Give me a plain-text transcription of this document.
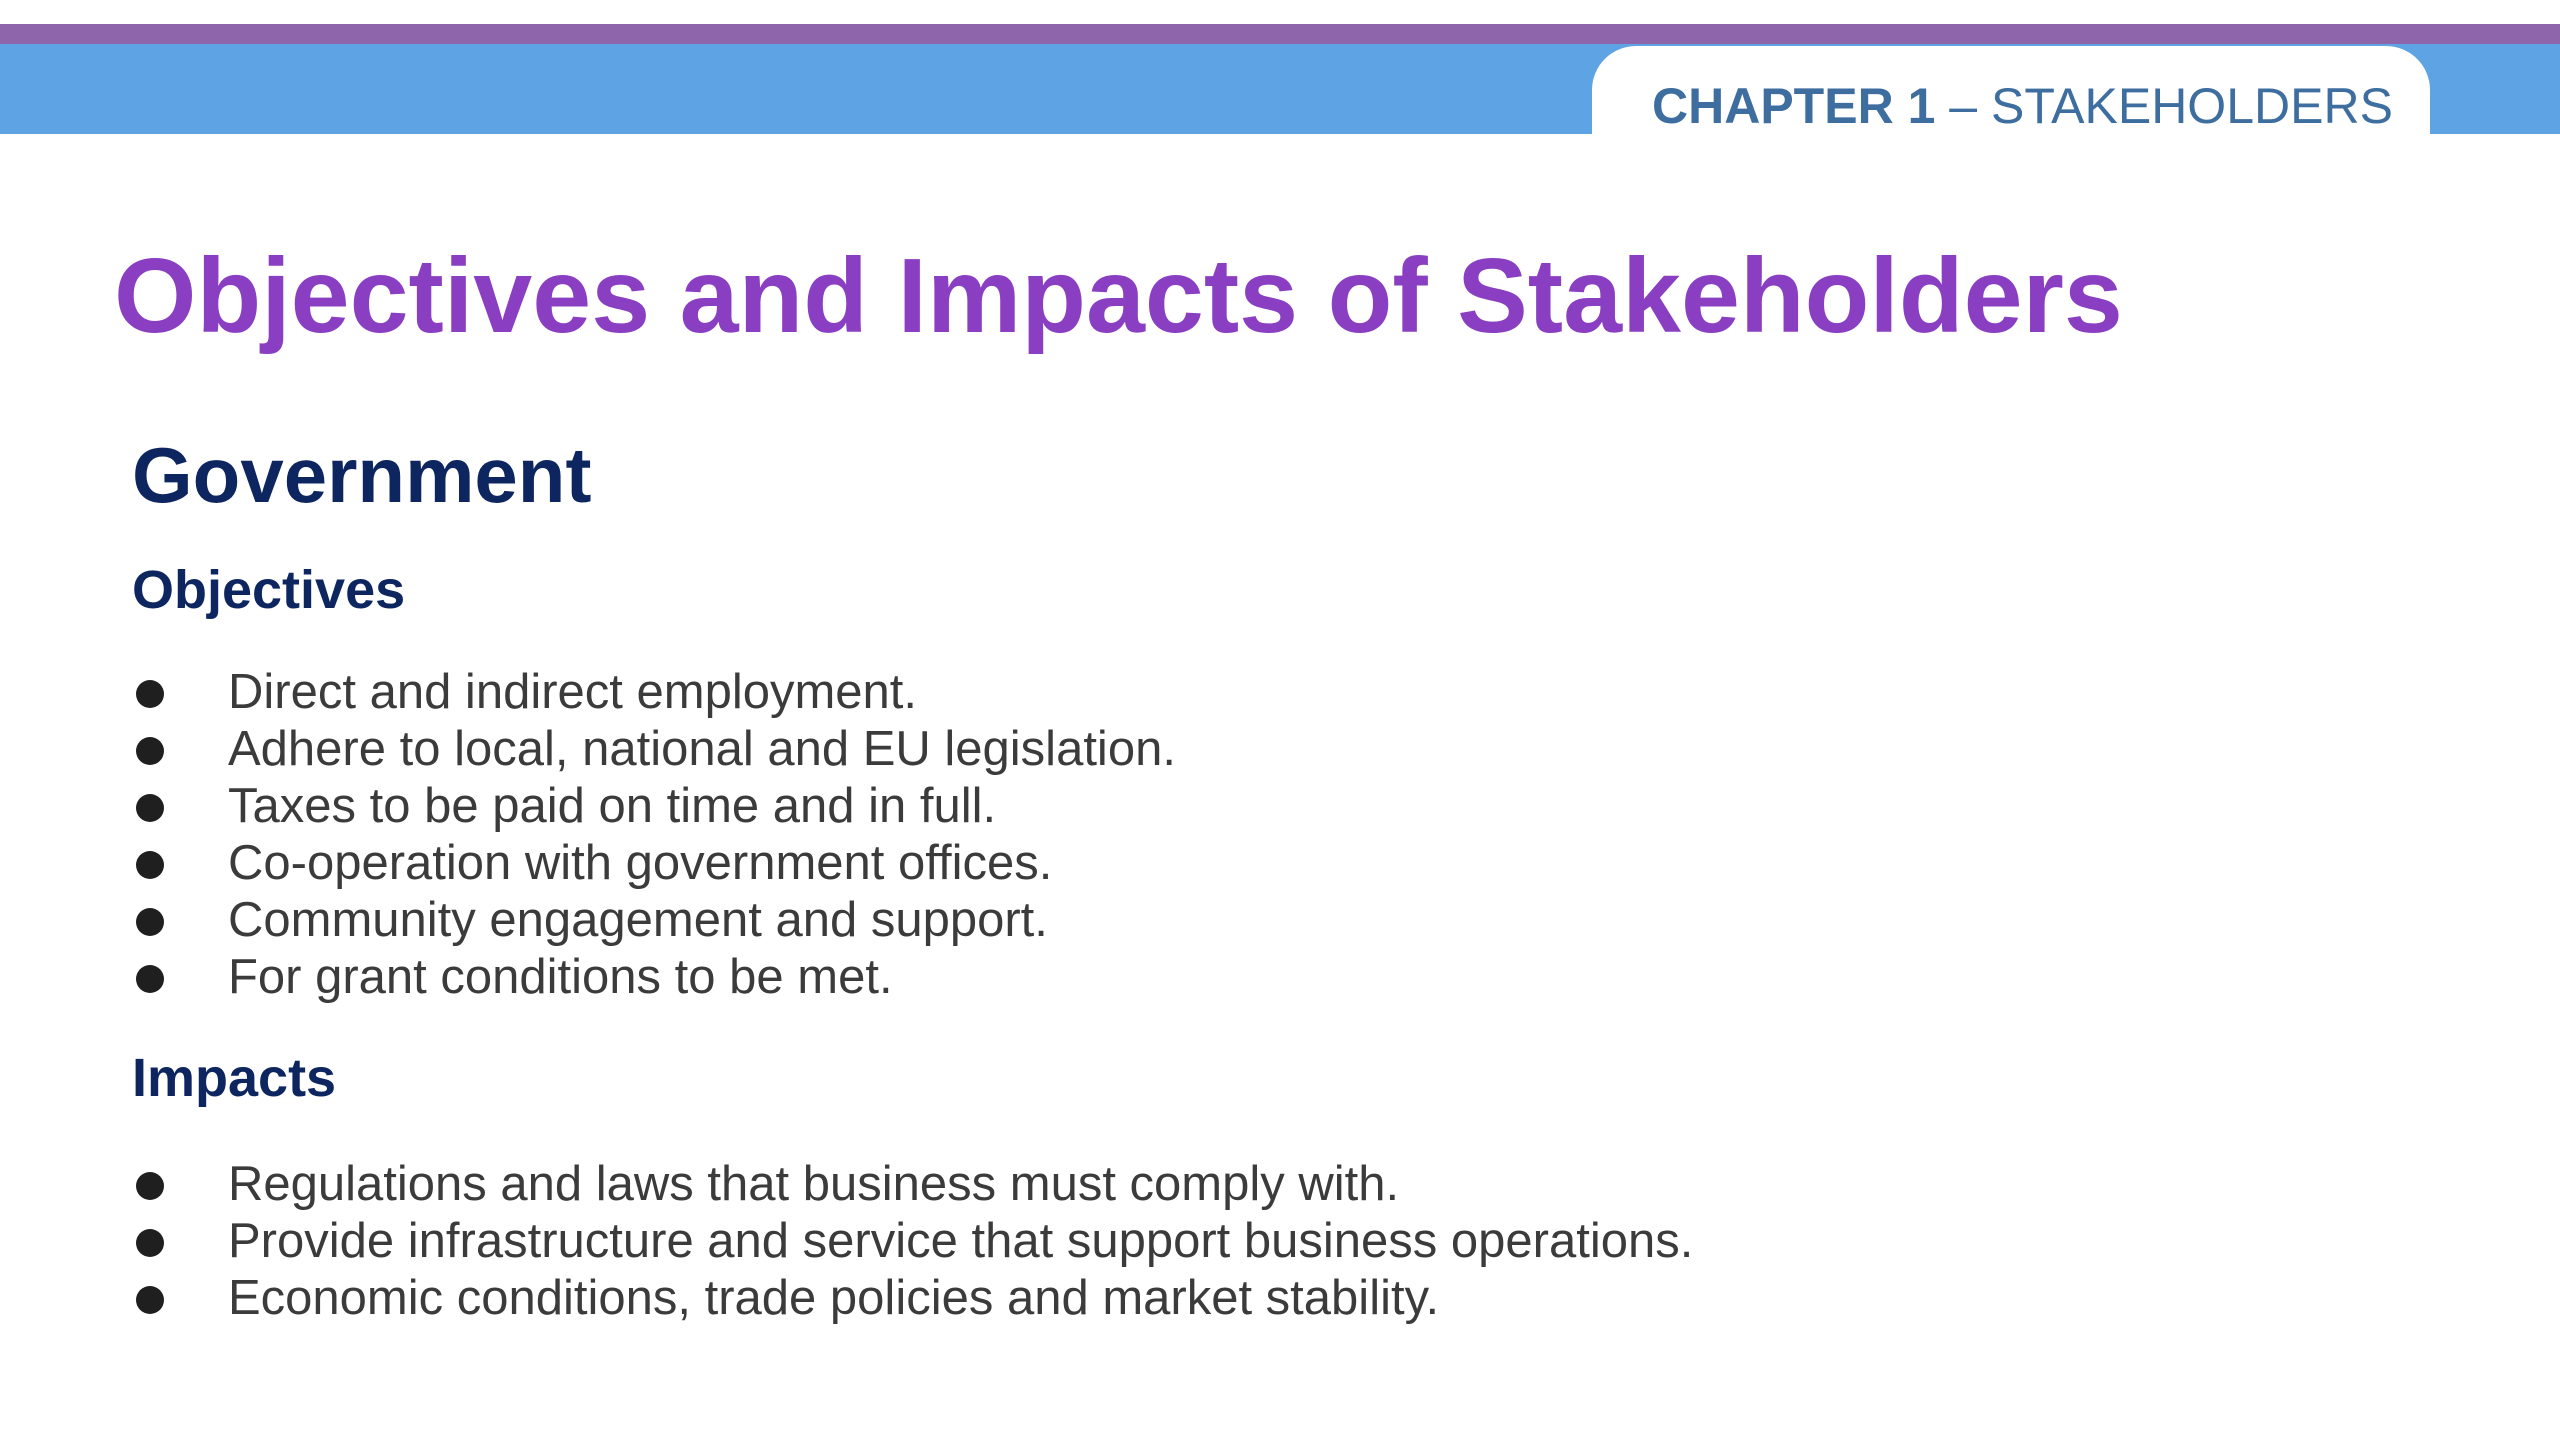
CHAPTER 1 – STAKEHOLDERS
Objectives and Impacts of Stakeholders
Government
Objectives
Direct and indirect employment.
Adhere to local, national and EU legislation.
Taxes to be paid on time and in full.
Co-operation with government offices.
Community engagement and support.
For grant conditions to be met.
Impacts
Regulations and laws that business must comply with.
Provide infrastructure and service that support business operations.
Economic conditions, trade policies and market stability.
